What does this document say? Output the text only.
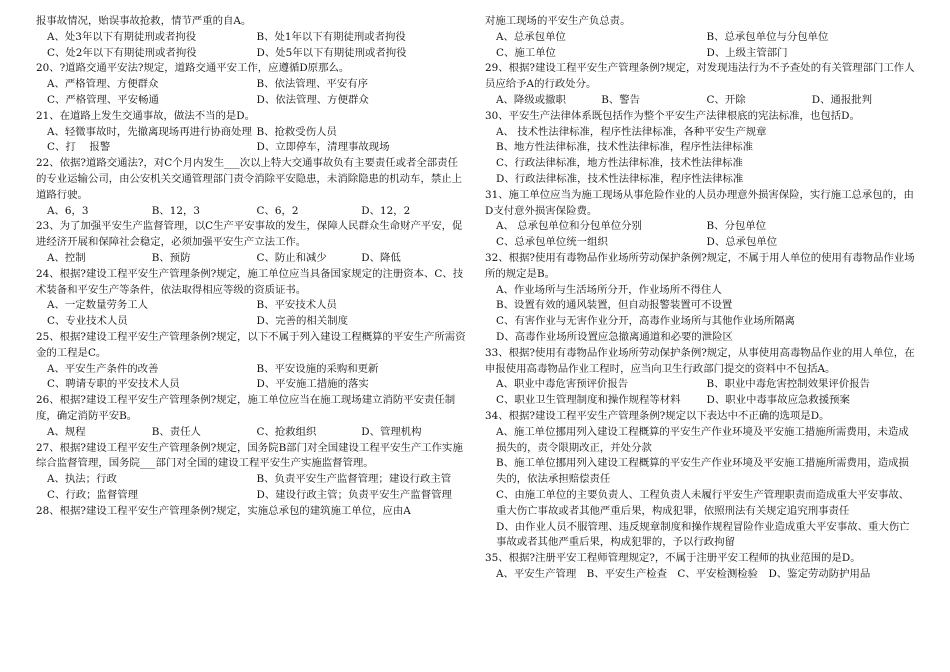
报事故情况，贻误事故抢救，情节严重的自A。

A、处3年以下有期徒刑或者拘役	B、处1年以下有期徒刑或者拘役
C、处2年以下有期徒刑或者拘役	D、处5年以下有期徒刑或者拘役

20、?道路交通平安法?规定，道路交通平安工作，应遵循D原那么。

A、严格管理、方便群众	B、依法管理、平安有序
C、严格管理、平安畅通	D、依法管理、方便群众

21、在道路上发生交通事故，做法不当的是D。

A、轻微事故时，先撤离现场再进行协商处理 B、抢救受伤人员
C、打　 报警	D、立即停车，清理事故现场

22、依据?道路交通法?，对C个月内发生___次以上特大交通事故负有主要责任或者全部责任的专业运输公司，由公安机关交通管理部门责令消除平安隐患，未消除隐患的机动车，禁止上道路行驶。

A、6，3	B、12，3	C、6，2	D、12，2

23、为了加强平安生产监督管理，以C生产平安事故的发生，保障人民群众生命财产平安，促进经济开展和保障社会稳定，必须加强平安生产立法工作。

A、控制	B、预防	C、防止和减少	D、降低

24、根据?建设工程平安生产管理条例?规定，施工单位应当具备国家规定的注册资本、C、技术装备和平安生产等条件，依法取得相应等级的资质证书。

A、一定数量劳务工人	B、平安技术人员
C、专业技术人员	D、完善的相关制度

25、根据?建设工程平安生产管理条例?规定，以下不属于列入建设工程概算的平安生产所需资金的工程是C。

A、平安生产条件的改善	B、平安设施的采购和更新
C、聘请专职的平安技术人员	D、平安施工措施的落实

26、根据?建设工程平安生产管理条例?规定，施工单位应当在施工现场建立消防平安责任制度，确定消防平安B。

A、规程	B、责任人	C、抢救组织	D、管理机构

27、根据?建设工程平安生产管理条例?规定，国务院B部门对全国建设工程平安生产工作实施综合监督管理，国务院___部门对全国的建设工程平安生产实施监督管理。

A、执法；行政	B、负责平安生产监督管理；建设行政主管
C、行政；监督管理	D、建设行政主管；负责平安生产监督管理

28、根据?建设工程平安生产管理条例?规定，实施总承包的建筑施工单位，应由A

对施工现场的平安生产负总责。

A、总承包单位	B、总承包单位与分包单位
C、施工单位	D、上级主管部门

29、根据?建设工程平安生产管理条例?规定，对发现违法行为不予查处的有关管理部门工作人员应给予A的行政处分。

A、降级或撤职	B、警告	C、开除	D、通报批判

30、平安生产法律体系既包括作为整个平安生产法律根底的宪法标准，也包括D。

A、 技术性法律标准，程序性法律标准，各种平安生产规章

B、地方性法律标准，技术性法律标准，程序性法律标准

C、行政法律标准，地方性法律标准，技术性法律标准

D、行政法律标准，技术性法律标准，程序性法律标准

31、施工单位应当为施工现场从事危险作业的人员办理意外损害保险，实行施工总承包的，由D支付意外损害保险费。

A、 总承包单位和分包单位分别	B、分包单位
C、总承包单位统一组织	D、总承包单位

32、根据?使用有毒物品作业场所劳动保护条例?规定，不属于用人单位的使用有毒物品作业场所的规定是B。

A、作业场所与生活场所分开，作业场所不得住人

B、设置有效的通风装置，但自动报警装置可不设置

C、有害作业与无害作业分开，高毒作业场所与其他作业场所隔离

D、高毒作业场所设置应急撤离通道和必要的泄险区

33、根据?使用有毒物品作业场所劳动保护条例?规定，从事使用高毒物品作业的用人单位，在申报使用高毒物品作业工程时，应当向卫生行政部门提交的资料中不包括A。

A、职业中毒危害预评价报告	B、职业中毒危害控制效果评价报告
C、职业卫生管理制度和操作规程等材料	D、职业中毒事故应急救援预案

34、根据?建设工程平安生产管理条例?规定以下表达中不正确的选项是D。

A、施工单位挪用列入建设工程概算的平安生产作业环境及平安施工措施所需费用，未造成损失的，责令限期改正，并处分款

B、施工单位挪用列入建设工程概算的平安生产作业环境及平安施工措施所需费用，造成损失的，依法承担赔偿责任

C、由施工单位的主要负责人、工程负责人未履行平安生产管理职责而造成重大平安事故、重大伤亡事故或者其他严重后果，构成犯罪，依照刑法有关规定追究刑事责任

D、由作业人员不服管理、违反规章制度和操作规程冒险作业造成重大平安事故、重大伤亡事故或者其他严重后果，构成犯罪的，予以行政拘留

35、根据?注册平安工程师管理规定?，不属于注册平安工程师的执业范围的是D。

A、平安生产管理　B、平安生产检查　C、平安检测检验　D、鉴定劳动防护用品
